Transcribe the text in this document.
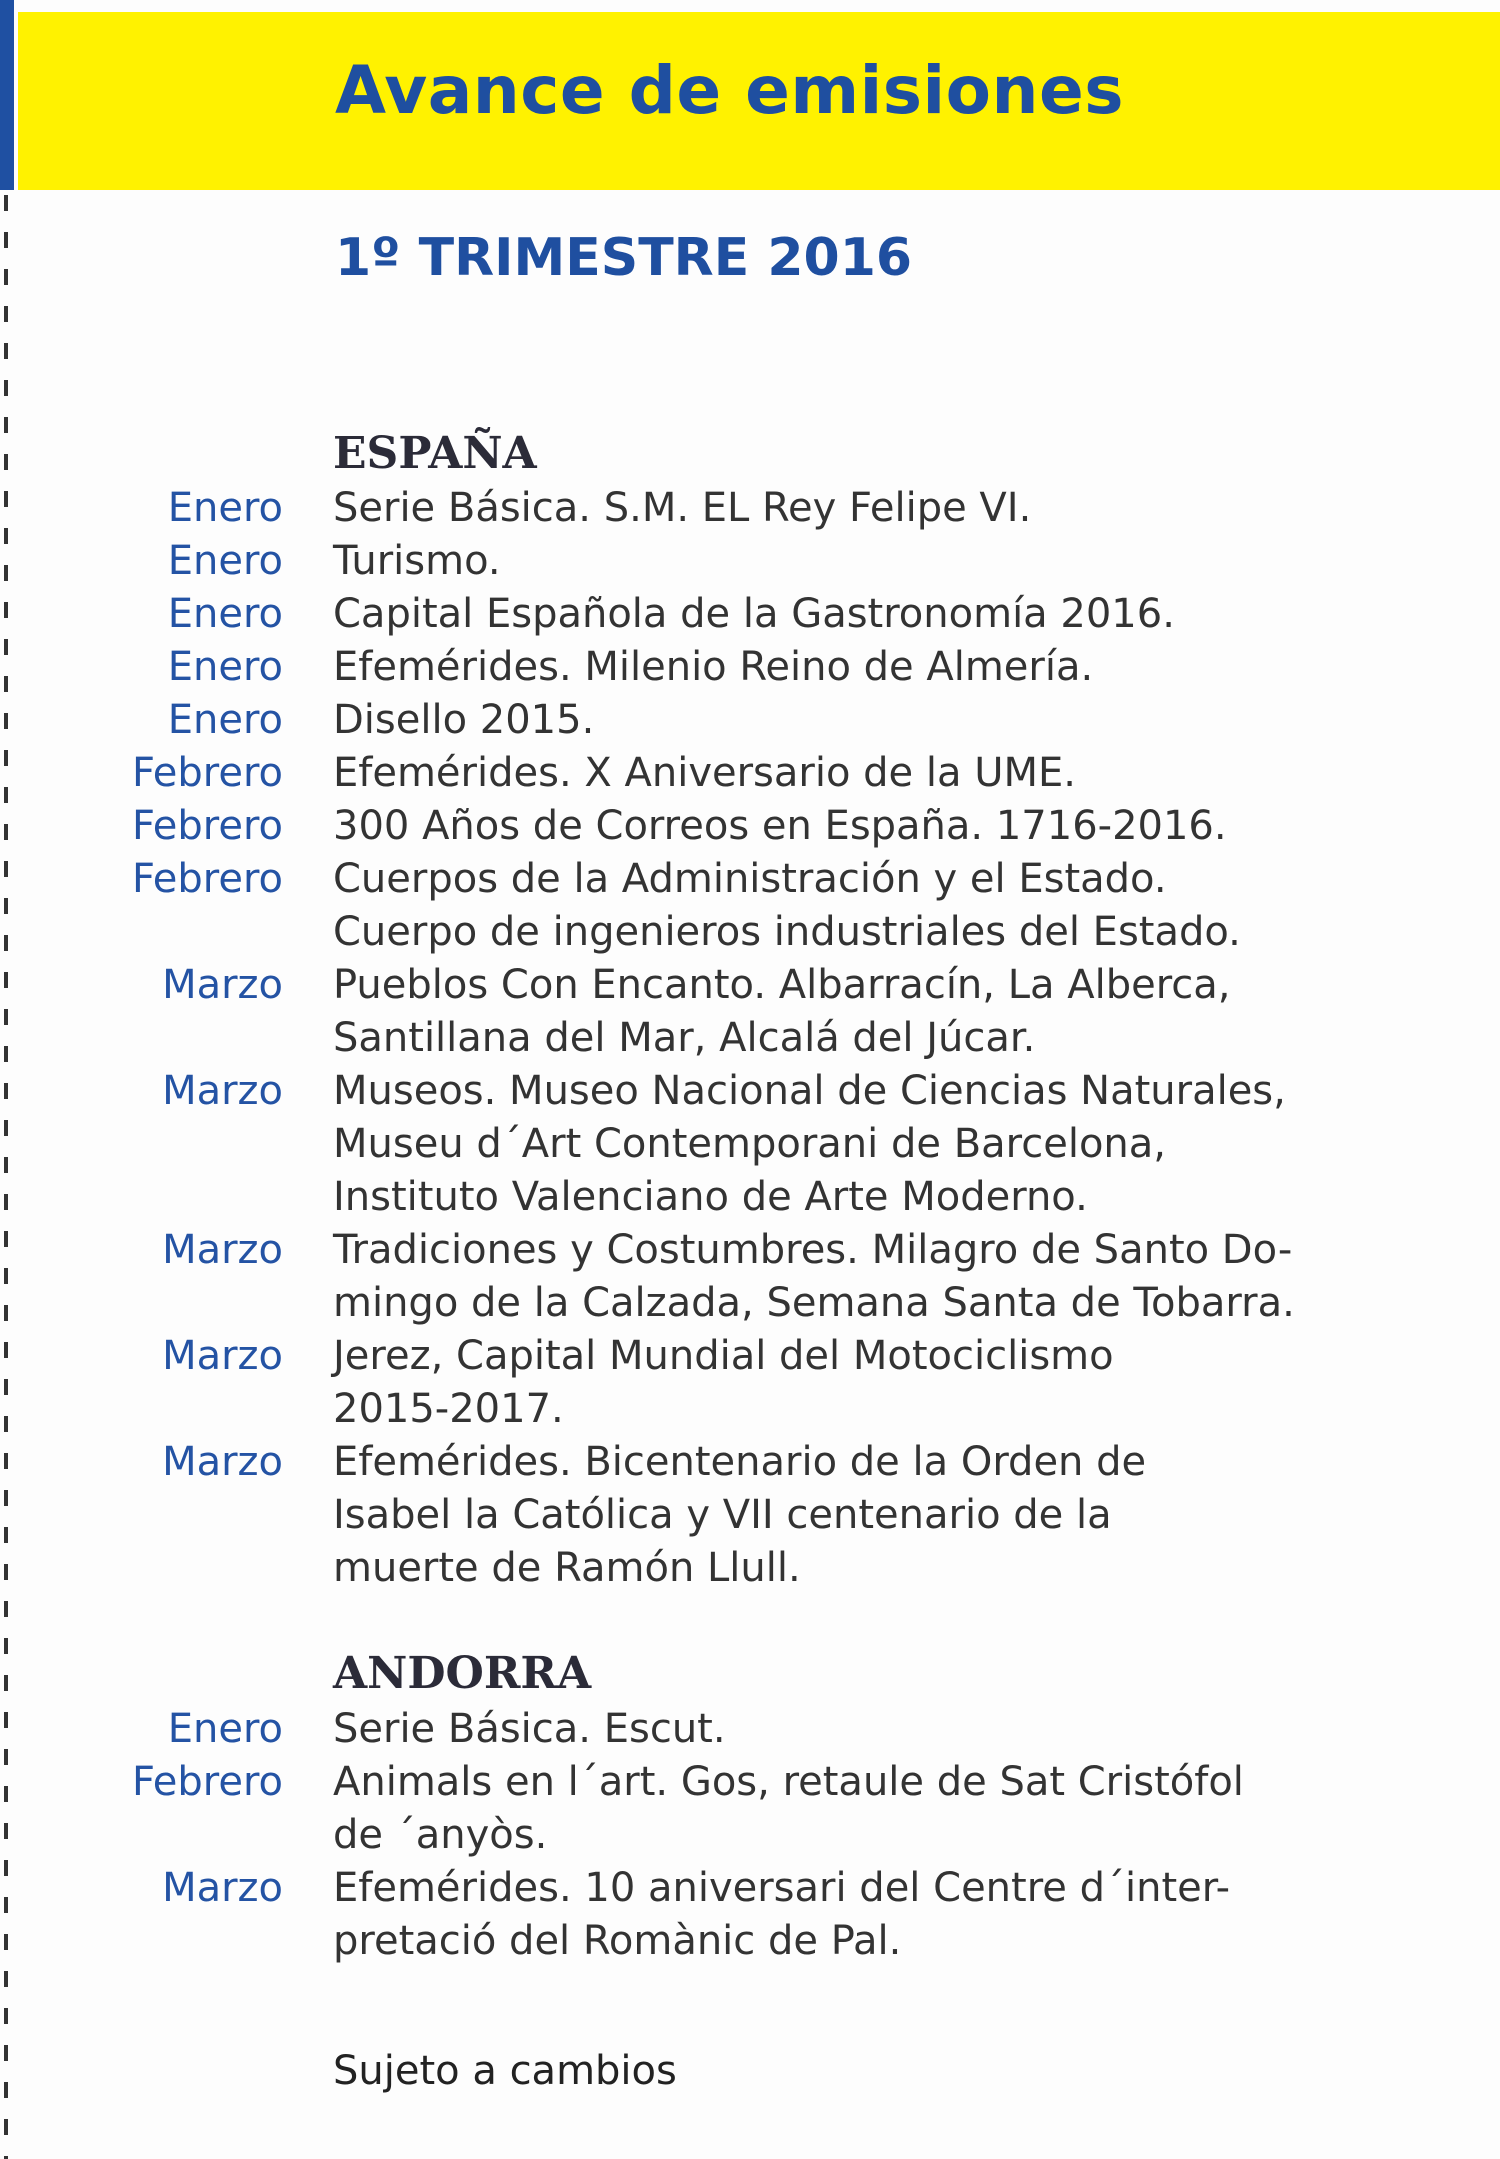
Avance de emisiones
1º TRIMESTRE 2016
ESPAÑA
Enero Serie Básica. S.M. EL Rey Felipe VI.
Enero Turismo.
Enero Capital Española de la Gastronomía 2016.
Enero Efemérides. Milenio Reino de Almería.
Enero Disello 2015.
Febrero Efemérides. X Aniversario de la UME.
Febrero 300 Años de Correos en España. 1716-2016.
Febrero Cuerpos de la Administración y el Estado.
Cuerpo de ingenieros industriales del Estado.
Marzo Pueblos Con Encanto. Albarracín, La Alberca,
Santillana del Mar, Alcalá del Júcar.
Marzo Museos. Museo Nacional de Ciencias Naturales,
Museu d´Art Contemporani de Barcelona,
Instituto Valenciano de Arte Moderno.
Marzo Tradiciones y Costumbres. Milagro de Santo Do-
mingo de la Calzada, Semana Santa de Tobarra.
Marzo Jerez, Capital Mundial del Motociclismo
2015-2017.
Marzo Efemérides. Bicentenario de la Orden de
Isabel la Católica y VII centenario de la
muerte de Ramón Llull.
ANDORRA
Enero Serie Básica. Escut.
Febrero Animals en l´art. Gos, retaule de Sat Cristófol
de ´anyòs.
Marzo Efemérides. 10 aniversari del Centre d´inter-
pretació del Romànic de Pal.
Sujeto a cambios
